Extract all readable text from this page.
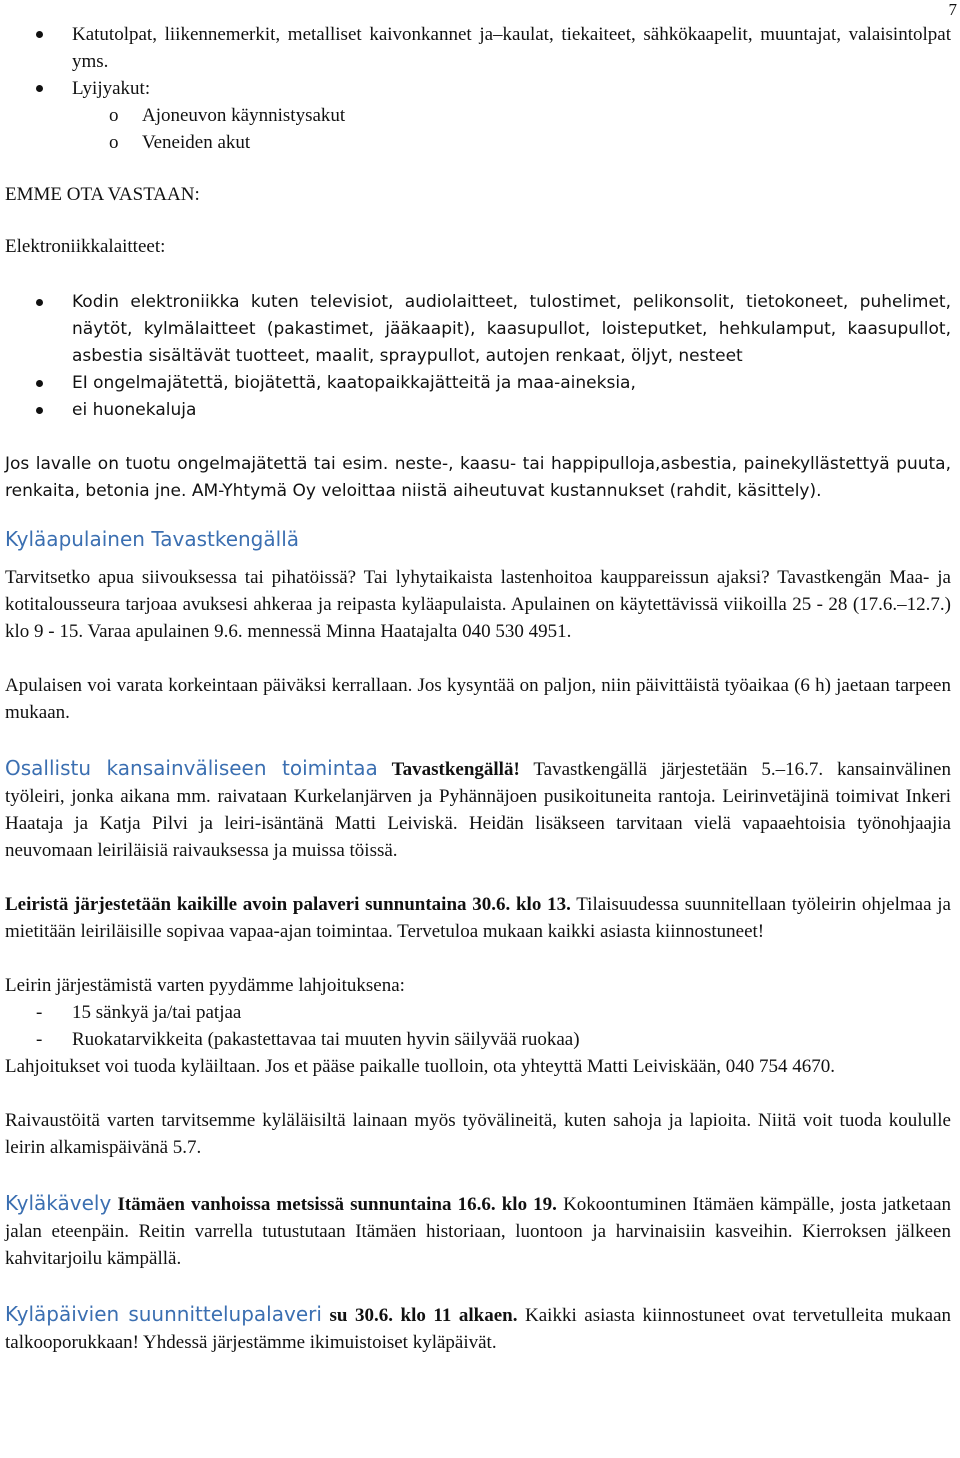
7
Katutolpat, liikennemerkit, metalliset kaivonkannet ja–kaulat, tiekaiteet, sähkökaapelit, muuntajat, valaisintolpat yms.
Lyijyakut:
o Ajoneuvon käynnistysakut
o Veneiden akut

EMME OTA VASTAAN:

Elektroniikkalaitteet:

Kodin elektroniikka kuten televisiot, audiolaitteet, tulostimet, pelikonsolit, tietokoneet, puhelimet, näytöt, kylmälaitteet (pakastimet, jääkaapit), kaasupullot, loisteputket, hehkulamput, kaasupullot, asbestia sisältävät tuotteet, maalit, spraypullot, autojen renkaat, öljyt, nesteet
EI ongelmajätettä, biojätettä, kaatopaikkajätteitä ja maa-aineksia,
ei huonekaluja

Jos lavalle on tuotu ongelmajätettä tai esim. neste-, kaasu- tai happipulloja,asbestia, painekyllästettyä puuta, renkaita, betonia jne. AM-Yhtymä Oy veloittaa niistä aiheutuvat kustannukset (rahdit, käsittely).

Kyläapulainen Tavastkengällä

Tarvitsetko apua siivouksessa tai pihatöissä? Tai lyhytaikaista lastenhoitoa kauppareissun ajaksi? Tavastkengän Maa- ja kotitalousseura tarjoaa avuksesi ahkeraa ja reipasta kyläapulaista. Apulainen on käytettävissä viikoilla 25 - 28 (17.6.–12.7.) klo 9 - 15. Varaa apulainen 9.6. mennessä Minna Haatajalta 040 530 4951.

Apulaisen voi varata korkeintaan päiväksi kerrallaan. Jos kysyntää on paljon, niin päivittäistä työaikaa (6 h) jaetaan tarpeen mukaan.

Osallistu kansainväliseen toimintaa Tavastkengällä! Tavastkengällä järjestetään 5.–16.7. kansainvälinen työleiri, jonka aikana mm. raivataan Kurkelanjärven ja Pyhännäjoen pusikoituneita rantoja. Leirinvetäjinä toimivat Inkeri Haataja ja Katja Pilvi ja leiri-isäntänä Matti Leiviskä. Heidän lisäkseen tarvitaan vielä vapaaehtoisia työnohjaajia neuvomaan leiriläisiä raivauksessa ja muissa töissä.

Leiristä järjestetään kaikille avoin palaveri sunnuntaina 30.6. klo 13. Tilaisuudessa suunnitellaan työleirin ohjelmaa ja mietitään leiriläisille sopivaa vapaa-ajan toimintaa. Tervetuloa mukaan kaikki asiasta kiinnostuneet!

Leirin järjestämistä varten pyydämme lahjoituksena:

- 15 sänkyä ja/tai patjaa
- Ruokatarvikkeita (pakastettavaa tai muuten hyvin säilyvää ruokaa)

Lahjoitukset voi tuoda kyläiltaan. Jos et pääse paikalle tuolloin, ota yhteyttä Matti Leiviskään, 040 754 4670.

Raivaustöitä varten tarvitsemme kyläläisiltä lainaan myös työvälineitä, kuten sahoja ja lapioita. Niitä voit tuoda koululle leirin alkamispäivänä 5.7.

Kyläkävely Itämäen vanhoissa metsissä sunnuntaina 16.6. klo 19. Kokoontuminen Itämäen kämpälle, josta jatketaan jalan eteenpäin. Reitin varrella tutustutaan Itämäen historiaan, luontoon ja harvinaisiin kasveihin. Kierroksen jälkeen kahvitarjoilu kämpällä.

Kyläpäivien suunnittelupalaveri su 30.6. klo 11 alkaen. Kaikki asiasta kiinnostuneet ovat tervetulleita mukaan talkooporukkaan! Yhdessä järjestämme ikimuistoiset kyläpäivät.
